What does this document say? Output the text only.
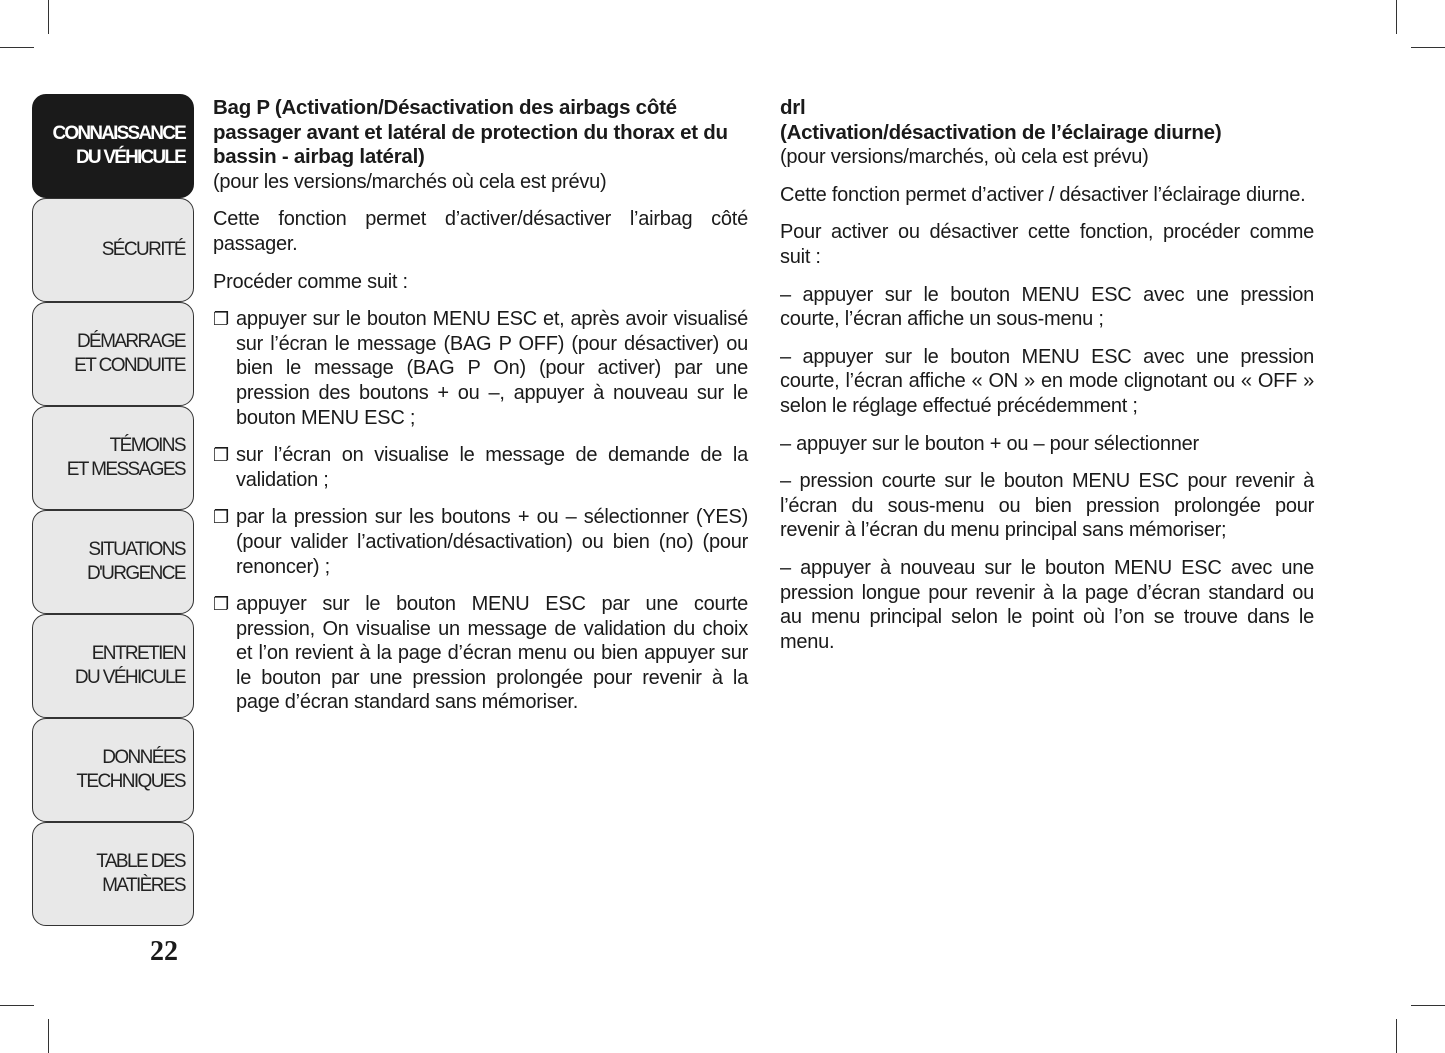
CONNAISSANCE
DU VÉHICULE
SÉCURITÉ
DÉMARRAGE
ET CONDUITE
TÉMOINS
ET MESSAGES
SITUATIONS
D'URGENCE
ENTRETIEN
DU VÉHICULE
DONNÉES
TECHNIQUES
TABLE DES MATIÈRES
22
Bag P (Activation/Désactivation des airbags côté passager avant et latéral de protection du thorax et du bassin - airbag latéral)

(pour les versions/marchés où cela est prévu)

Cette fonction permet d’activer/désactiver l’airbag côté passager.

Procéder comme suit :

❐ appuyer sur le bouton MENU ESC et, après avoir visualisé sur l’écran le message (BAG P OFF) (pour désactiver) ou bien le message (BAG P On) (pour activer) par une pression des boutons + ou –, appuyer à nouveau sur le bouton MENU ESC ;
❐ sur l’écran on visualise le message de demande de la validation ;
❐ par la pression sur les boutons + ou – sélectionner (YES) (pour valider l’activation/désactivation) ou bien (no) (pour renoncer) ;
❐ appuyer sur le bouton MENU ESC par une courte pression, On visualise un message de validation du choix et l’on revient à la page d’écran menu ou bien appuyer sur le bouton par une pression prolongée pour revenir à la page d’écran standard sans mémoriser.
drl
(Activation/désactivation de l’éclairage diurne)

(pour versions/marchés, où cela est prévu)

Cette fonction permet d’activer / désactiver l’éclairage diurne.

Pour activer ou désactiver cette fonction, procéder comme suit :

– appuyer sur le bouton MENU ESC avec une pression courte, l’écran affiche un sous-menu ;

– appuyer sur le bouton MENU ESC avec une pression courte, l’écran affiche « ON » en mode clignotant ou « OFF » selon le réglage effectué précédemment ;

– appuyer sur le bouton + ou – pour sélectionner

– pression courte sur le bouton MENU ESC pour revenir à l’écran du sous-menu ou bien pression prolongée pour revenir à l’écran du menu principal sans mémoriser;

– appuyer à nouveau sur le bouton MENU ESC avec une pression longue pour revenir à la page d’écran standard ou au menu principal selon le point où l’on se trouve dans le menu.
